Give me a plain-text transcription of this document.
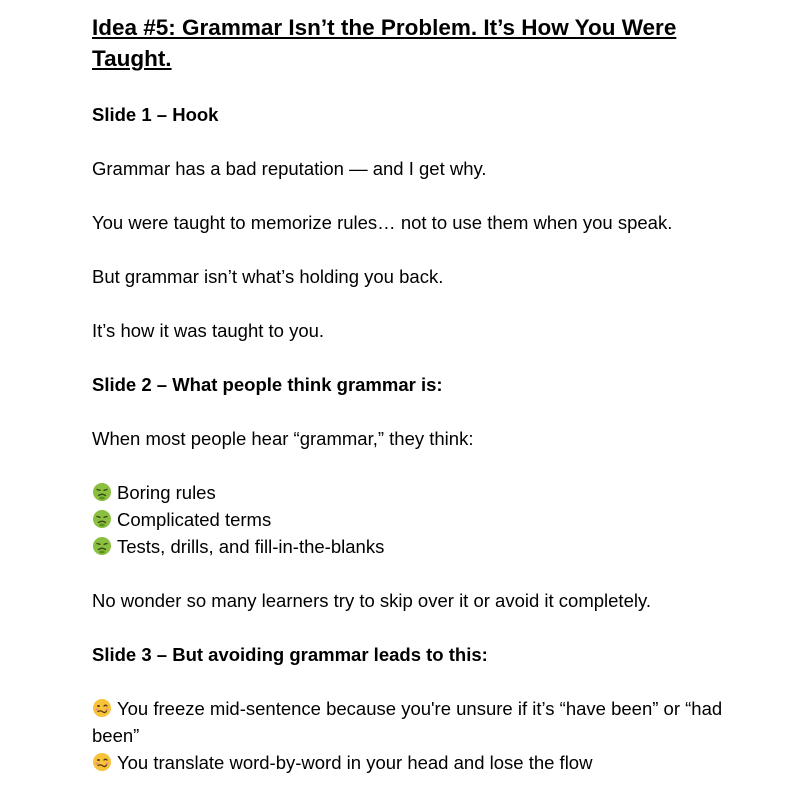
Idea #5: Grammar Isn’t the Problem. It’s How You Were Taught.

Slide 1 – Hook

Grammar has a bad reputation — and I get why.

You were taught to memorize rules… not to use them when you speak.

But grammar isn’t what’s holding you back.

It’s how it was taught to you.

Slide 2 – What people think grammar is:

When most people hear “grammar,” they think:

Boring rules
Complicated terms
Tests, drills, and fill-in-the-blanks

No wonder so many learners try to skip over it or avoid it completely.

Slide 3 – But avoiding grammar leads to this:

You freeze mid-sentence because you're unsure if it’s “have been” or “had been”
You translate word-by-word in your head and lose the flow
